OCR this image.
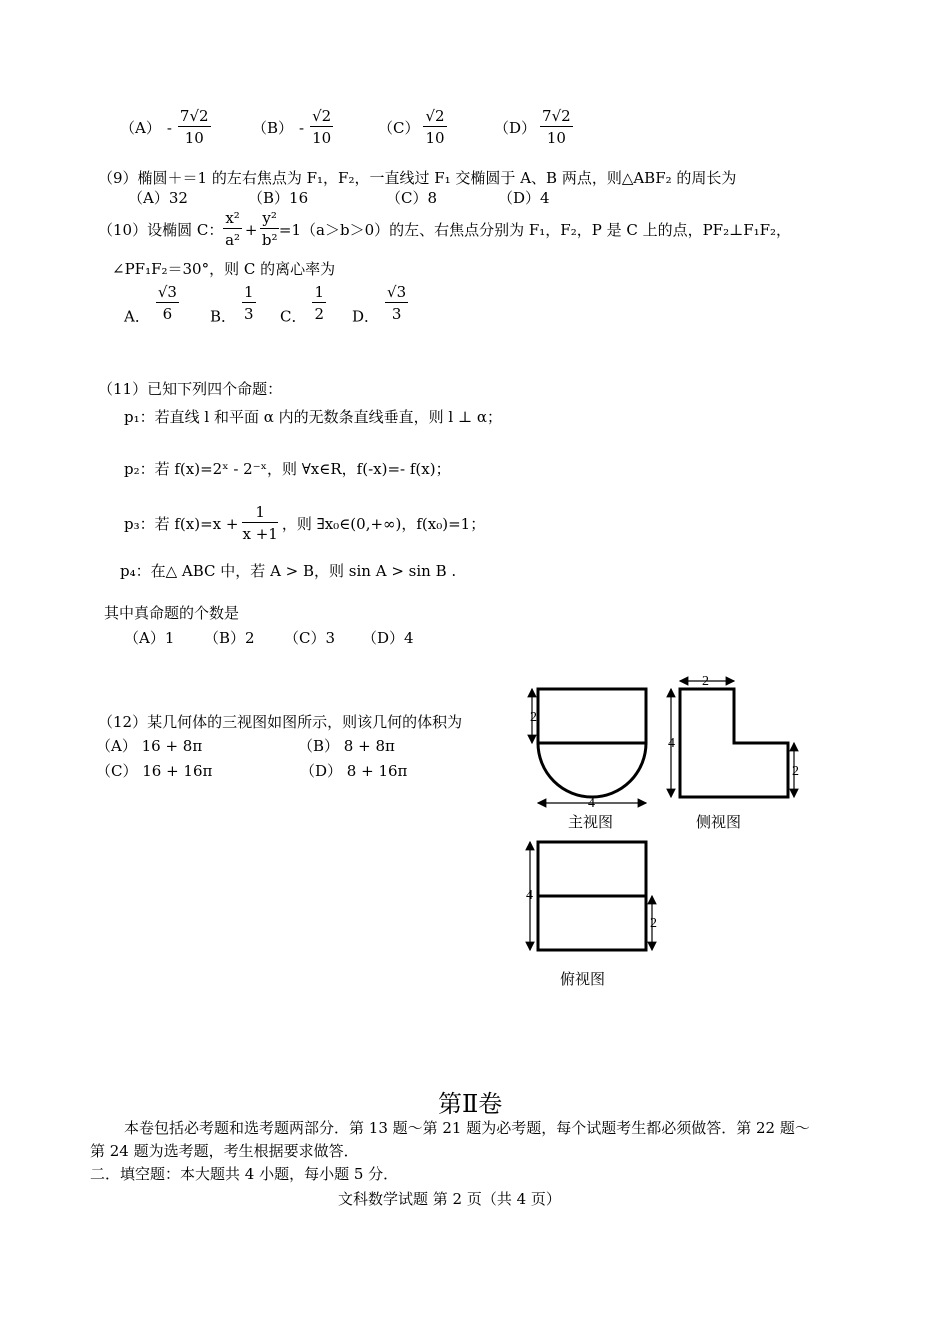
$(A) - \frac{7√2}{10}$	$(B) - \frac{√2}{10}$	$(C) \frac{√2}{10}$	$(D) \frac{7√2}{10}$
（9）椭圆＋＝1 的左右焦点为 F₁，F₂，一直线过 F₁ 交椭圆于 A、B 两点，则△ABF₂ 的周长为
（A）32	（B）16	（C）8	（D）4
（10）设椭圆 C： $\frac{\text{x²}}{\text{a²}} + \frac{\text{y²}}{\text{b²}} =1(a>b>0)$的左、右焦点分别为 F₁，F₂，P 是 C 上的点，PF₂⊥F₁F₂，
∠PF₁F₂＝30°，则 C 的离心率为
A． $\frac{√3}{6}$ B． $\frac{1}{3}$ C． $\frac{1}{2}$ D． $\frac{√3}{3}$
（11）已知下列四个命题：
p₁：若直线 l 和平面 α 内的无数条直线垂直，则 l ⊥ α；
p₂：若 f(x)=2ˣ - 2⁻ˣ，则 ∀x∈R，f(-x)=- f(x)；
p₃：若 $f(x)=x + \frac{1}{x +1}$ ，则 ∃x₀∈(0,+∞)，f(x₀)=1；
p₄：在△ ABC 中，若 A > B，则 sin A > sin B .
其中真命题的个数是
（A）1 （B）2 （C）3 （D）4
（12）某几何体的三视图如图所示，则该几何的体积为
（A） 16 + 8π	（B） 8 + 8π
（C） 16 + 16π	（D） 8 + 16π
2
4
主视图
2
4
2
侧视图
4
2
俯视图
第Ⅱ卷
本卷包括必考题和选考题两部分．第 13 题～第 21 题为必考题，每个试题考生都必须做答．第 22 题～
第 24 题为选考题，考生根据要求做答．
二．填空题：本大题共 4 小题，每小题 5 分．
文科数学试题 第 2 页（共 4 页）
